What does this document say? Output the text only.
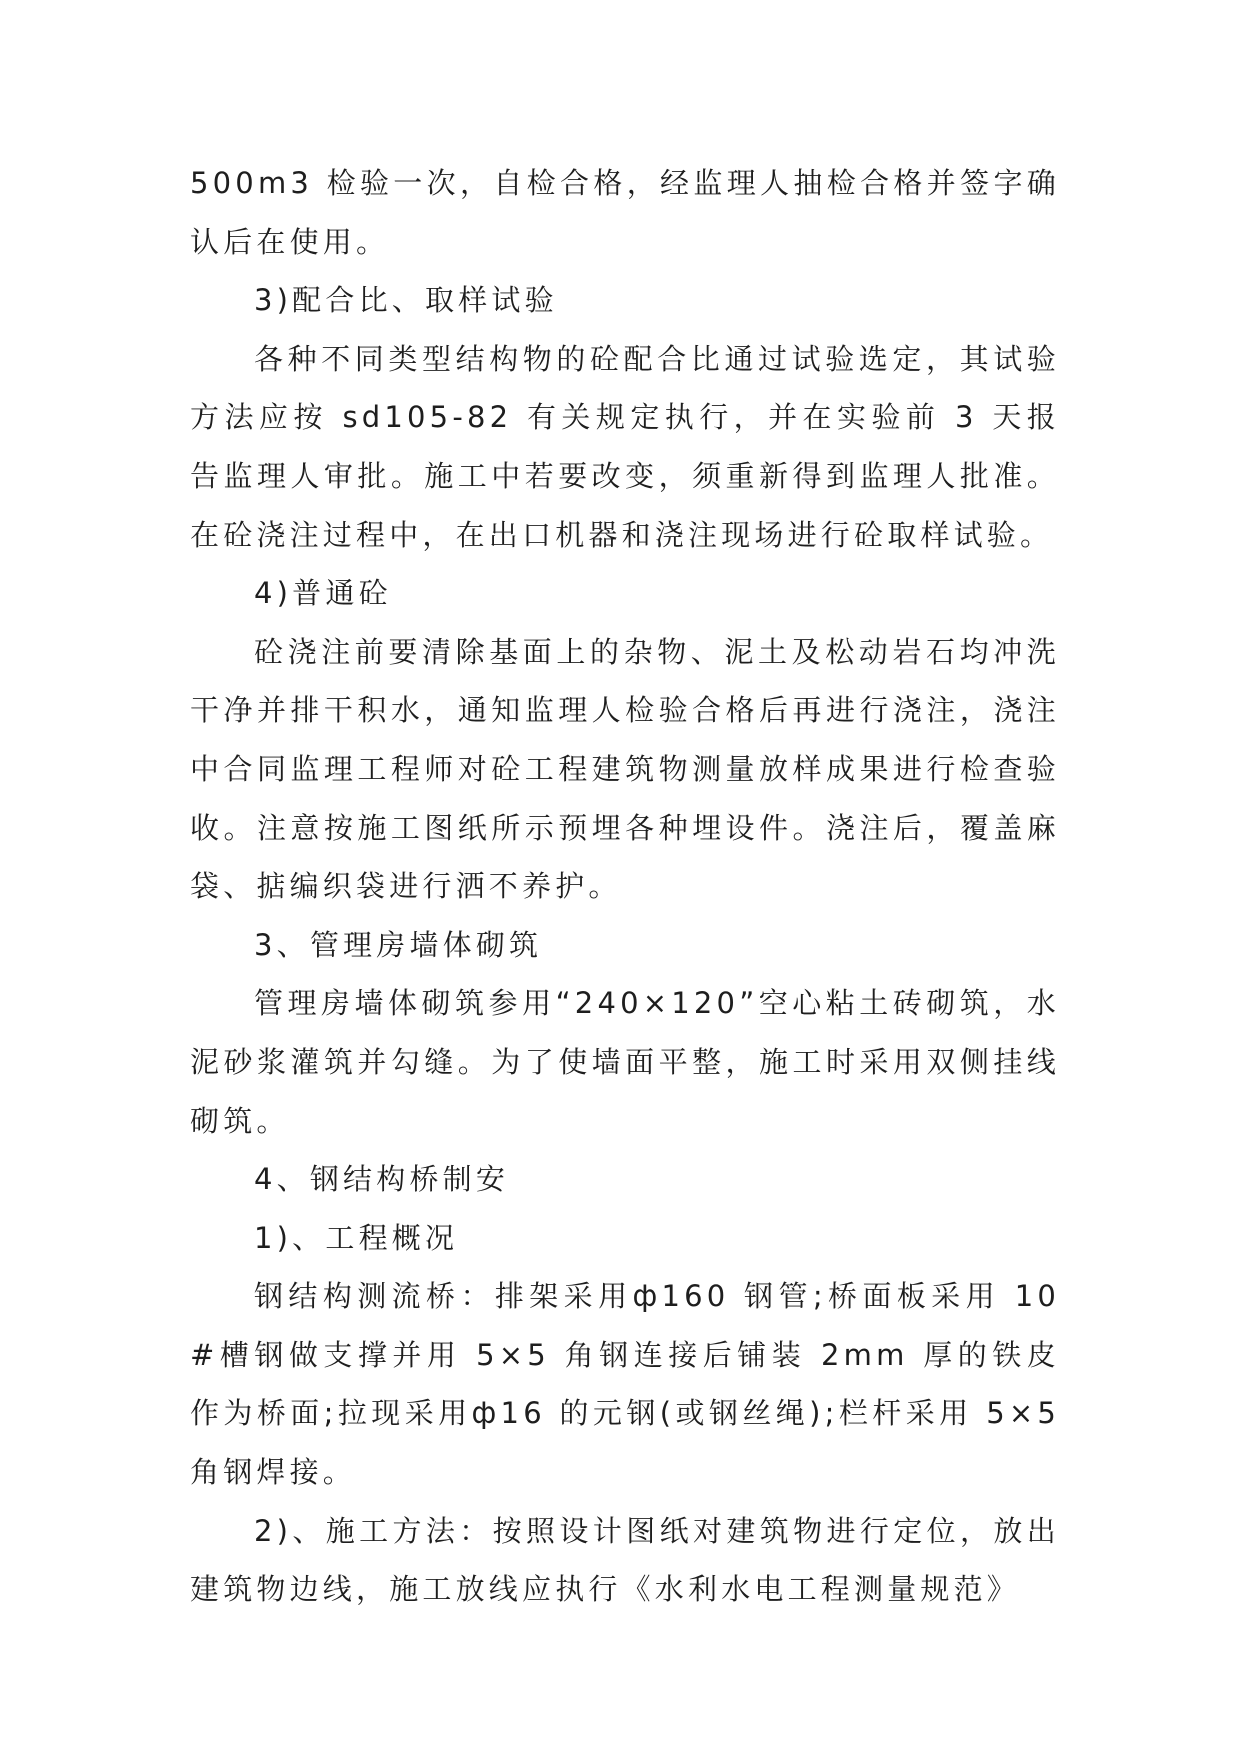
500m3 检验一次，自检合格，经监理人抽检合格并签字确认后在使用。

3)配合比、取样试验

各种不同类型结构物的砼配合比通过试验选定，其试验方法应按 sd105-82 有关规定执行，并在实验前 3 天报告监理人审批。施工中若要改变，须重新得到监理人批准。在砼浇注过程中，在出口机器和浇注现场进行砼取样试验。

4)普通砼

砼浇注前要清除基面上的杂物、泥土及松动岩石均冲洗干净并排干积水，通知监理人检验合格后再进行浇注，浇注中合同监理工程师对砼工程建筑物测量放样成果进行检查验收。注意按施工图纸所示预埋各种埋设件。浇注后，覆盖麻袋、掂编织袋进行洒不养护。

3、管理房墙体砌筑

管理房墙体砌筑参用“240×120”空心粘土砖砌筑，水泥砂浆灌筑并勾缝。为了使墙面平整，施工时采用双侧挂线砌筑。

4、钢结构桥制安

1)、工程概况

钢结构测流桥：排架采用ф160 钢管;桥面板采用 10#槽钢做支撑并用 5×5 角钢连接后铺装 2mm 厚的铁皮作为桥面;拉现采用ф16 的元钢(或钢丝绳);栏杆采用 5×5 角钢焊接。

2)、施工方法：按照设计图纸对建筑物进行定位，放出建筑物边线，施工放线应执行《水利水电工程测量规范》
